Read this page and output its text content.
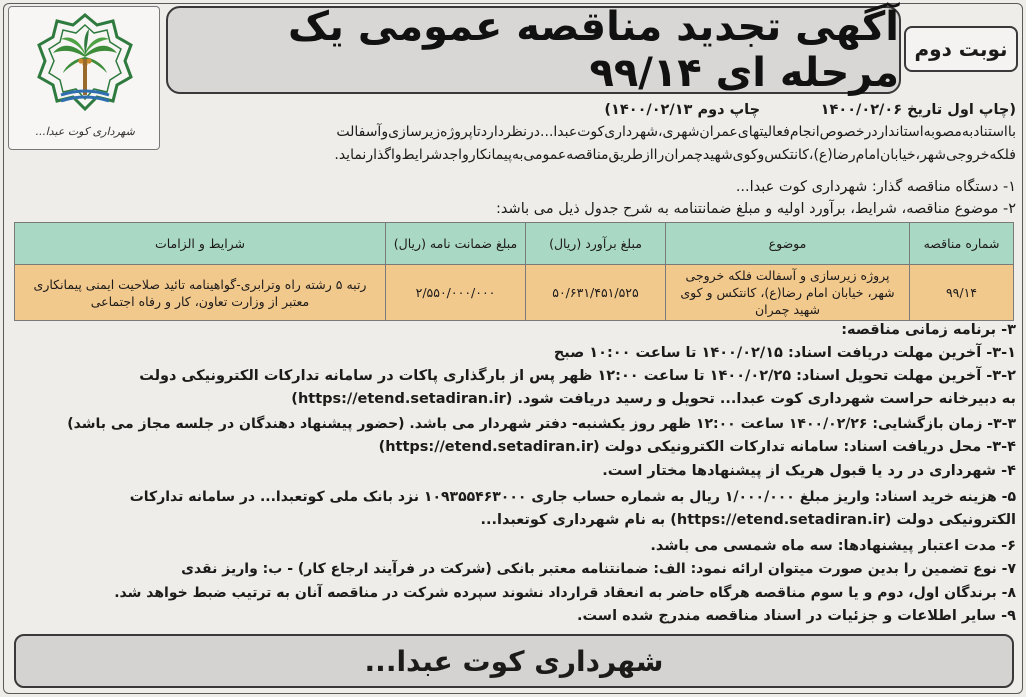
شهرداری کوت عبدا...
آگهی تجدید مناقصه عمومی یک مرحله ای ۹۹/۱۴
نوبت دوم
(چاپ اول تاریخ ۱۴۰۰/۰۲/۰۶            چاپ دوم ۱۴۰۰/۰۲/۱۳)
بااستنادبه‌مصوبه‌استانداردرخصوص‌انجام‌فعالیتهای‌عمران‌شهری،شهرداری‌کوت‌عبدا...درنظرداردتاپروژه‌زیرسازی‌وآسفالت
فلکه‌خروجی‌شهر،خیابان‌امام‌رضا(ع)،کانتکس‌وکوی‌شهیدچمران‌را‌ازطریق‌مناقصه‌عمومی‌به‌پیمانکار‌واجدشرایط‌واگذار‌نماید.
۱- دستگاه مناقصه گذار: شهرداری کوت عبدا...
۲- موضوع مناقصه، شرایط، برآورد اولیه و مبلغ ضمانتنامه به شرح جدول ذیل می باشد:
شماره مناقصه	موضوع	مبلغ برآورد (ریال)	مبلغ ضمانت نامه (ریال)	شرایط و الزامات
۹۹/۱۴	پروژه زیرسازی و آسفالت فلکه خروجی شهر، خیابان امام رضا(ع)، کانتکس و کوی شهید چمران	۵۰/۶۳۱/۴۵۱/۵۲۵	۲/۵۵۰/۰۰۰/۰۰۰	رتبه ۵ رشته راه وترابری-گواهینامه تائید صلاحیت ایمنی پیمانکاری معتبر از وزارت تعاون، کار و رفاه اجتماعی
۳- برنامه زمانی مناقصه:
۳-۱- آخرین مهلت دریافت اسناد: ۱۴۰۰/۰۲/۱۵ تا ساعت ۱۰:۰۰ صبح
۳-۲- آخرین مهلت تحویل اسناد: ۱۴۰۰/۰۲/۲۵ تا ساعت ۱۲:۰۰ ظهر پس از بارگذاری پاکات در سامانه تدارکات الکترونیکی دولت
به دبیرخانه حراست شهرداری کوت عبدا... تحویل و رسید دریافت شود. (https://etend.setadiran.ir)
۳-۳- زمان بازگشایی: ۱۴۰۰/۰۲/۲۶ ساعت ۱۲:۰۰ ظهر روز یکشنبه- دفتر شهردار می باشد. (حضور پیشنهاد دهندگان در جلسه مجاز می باشد)
۳-۴- محل دریافت اسناد: سامانه تدارکات الکترونیکی دولت (https://etend.setadiran.ir)
۴- شهرداری در رد یا قبول هریک از پیشنهادها مختار است.
۵- هزینه خرید اسناد: واریز مبلغ ۱/۰۰۰/۰۰۰ ریال به شماره حساب جاری ۱۰۹۳۵۵۴۶۳۰۰۰ نزد بانک ملی کوتعبدا... در سامانه تدارکات
الکترونیکی دولت (https://etend.setadiran.ir) به نام شهرداری کوتعبدا...
۶- مدت اعتبار پیشنهادها: سه ماه شمسی می باشد.
۷- نوع تضمین را بدین صورت میتوان ارائه نمود: الف: ضمانتنامه معتبر بانکی (شرکت در فرآیند ارجاع کار) - ب: واریز نقدی
۸- برندگان اول، دوم و یا سوم مناقصه هرگاه حاضر به انعقاد قرارداد نشوند سپرده شرکت در مناقصه آنان به ترتیب ضبط خواهد شد.
۹- سایر اطلاعات و جزئیات در اسناد مناقصه مندرج شده است.
شهرداری کوت عبدا...
